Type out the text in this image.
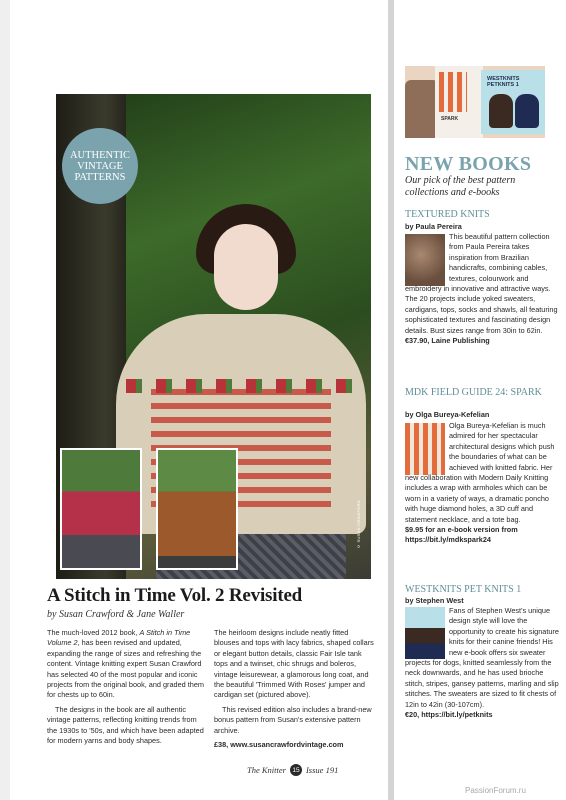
AUTHENTIC VINTAGE PATTERNS
© SUSAN CRAWFORD
A Stitch in Time Vol. 2 Revisited
by Susan Crawford & Jane Waller

The much-loved 2012 book, A Stitch in Time Volume 2, has been revised and updated, expanding the range of sizes and refreshing the content. Vintage knitting expert Susan Crawford has selected 40 of the most popular and iconic projects from the original book, and graded them for chests up to 60in.

The designs in the book are all authentic vintage patterns, reflecting knitting trends from the 1930s to '50s, and which have been adapted for modern yarns and body shapes.

The heirloom designs include neatly fitted blouses and tops with lacy fabrics, shaped collars or elegant button details, classic Fair Isle tank tops and a twinset, chic shrugs and boleros, vintage leisurewear, a glamorous long coat, and the beautiful 'Trimmed With Roses' jumper and cardigan set (pictured above).

This revised edition also includes a brand-new bonus pattern from Susan's extensive pattern archive.

£38, www.susancrawfordvintage.com

The Knitter 15 Issue 191
SPARK
WESTKNITS PETKNITS 1
NEW BOOKS
Our pick of the best pattern collections and e-books
TEXTURED KNITS
by Paula Pereira
This beautiful pattern collection from Paula Pereira takes inspiration from Brazilian handicrafts, combining cables, textures, colourwork and embroidery in innovative and attractive ways. The 20 projects include yoked sweaters, cardigans, tops, socks and shawls, all featuring sophisticated textures and fascinating design details. Bust sizes range from 30in to 62in.
€37.90, Laine Publishing
MDK FIELD GUIDE 24: SPARK
by Olga Bureya-Kefelian
Olga Bureya-Kefelian is much admired for her spectacular architectural designs which push the boundaries of what can be achieved with knitted fabric. Her new collaboration with Modern Daily Knitting includes a wrap with armholes which can be worn in a variety of ways, a dramatic poncho with huge diamond holes, a 3D cuff and statement necklace, and a tote bag.
$9.95 for an e-book version from https://bit.ly/mdkspark24
WESTKNITS PET KNITS 1
by Stephen West
Fans of Stephen West's unique design style will love the opportunity to create his signature knits for their canine friends! His new e-book offers six sweater projects for dogs, knitted seamlessly from the neck downwards, and he has used brioche stitch, stripes, gansey patterns, marling and slip stitches. The sweaters are sized to fit chests of 12in to 42in (30-107cm).
€20, https://bit.ly/petknits
PassionForum.ru
